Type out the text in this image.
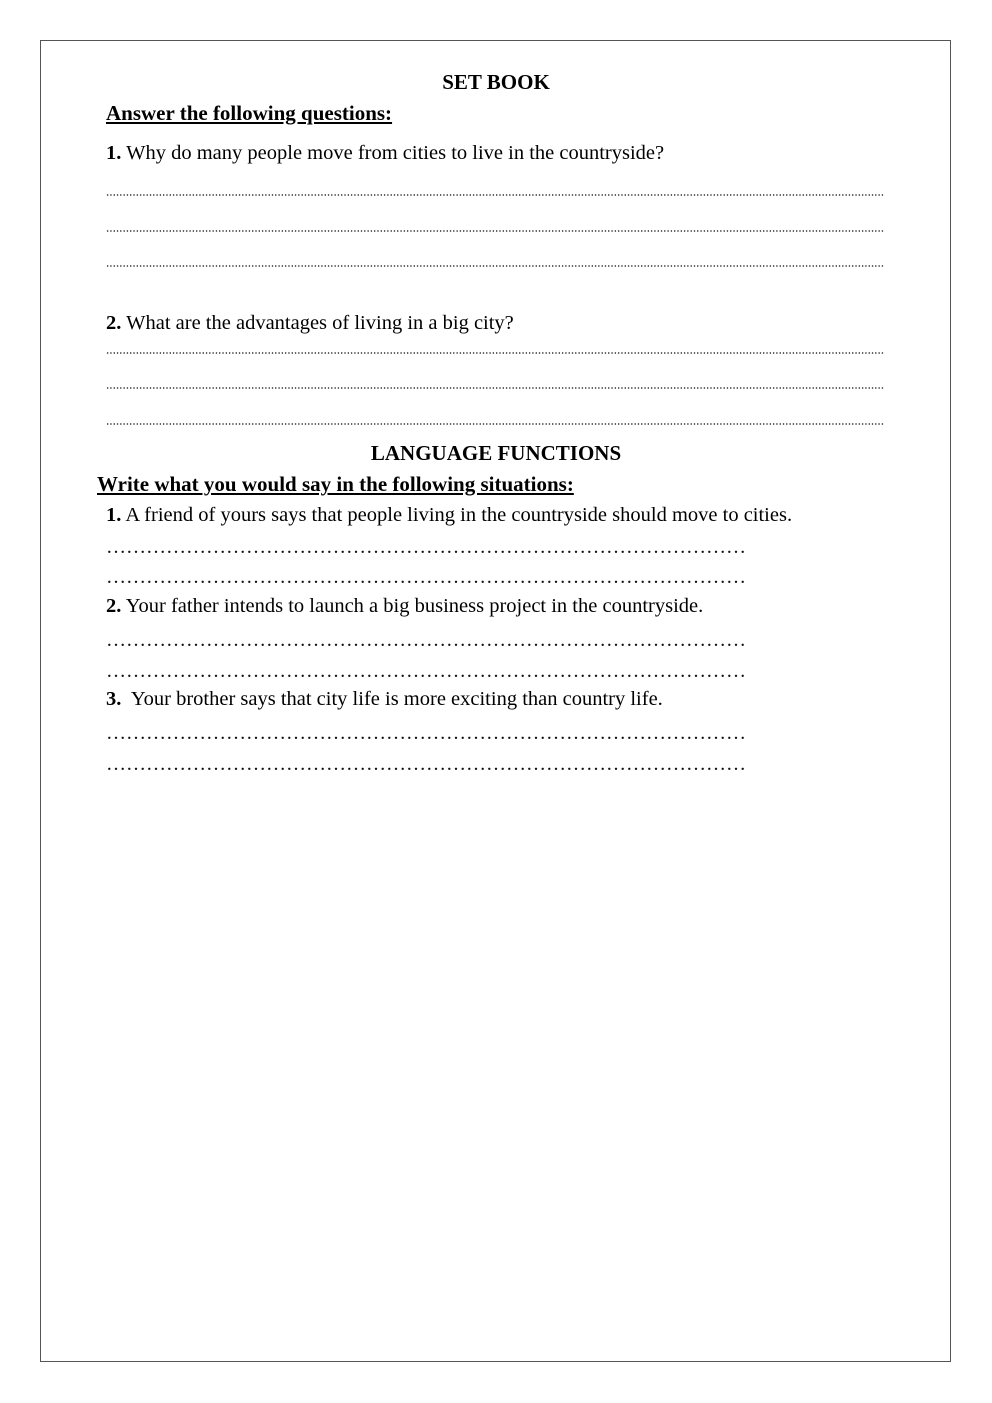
SET BOOK

Answer the following questions:

1. Why do many people move from cities to live in the countryside?

2. What are the advantages of living in a big city?

LANGUAGE FUNCTIONS

Write what you would say in the following situations:

1. A friend of yours says that people living in the countryside should move to cities.

……………………………………………………………………………………

……………………………………………………………………………………

2. Your father intends to launch a big business project in the countryside.

……………………………………………………………………………………

……………………………………………………………………………………

3.  Your brother says that city life is more exciting than country life.

……………………………………………………………………………………

……………………………………………………………………………………
